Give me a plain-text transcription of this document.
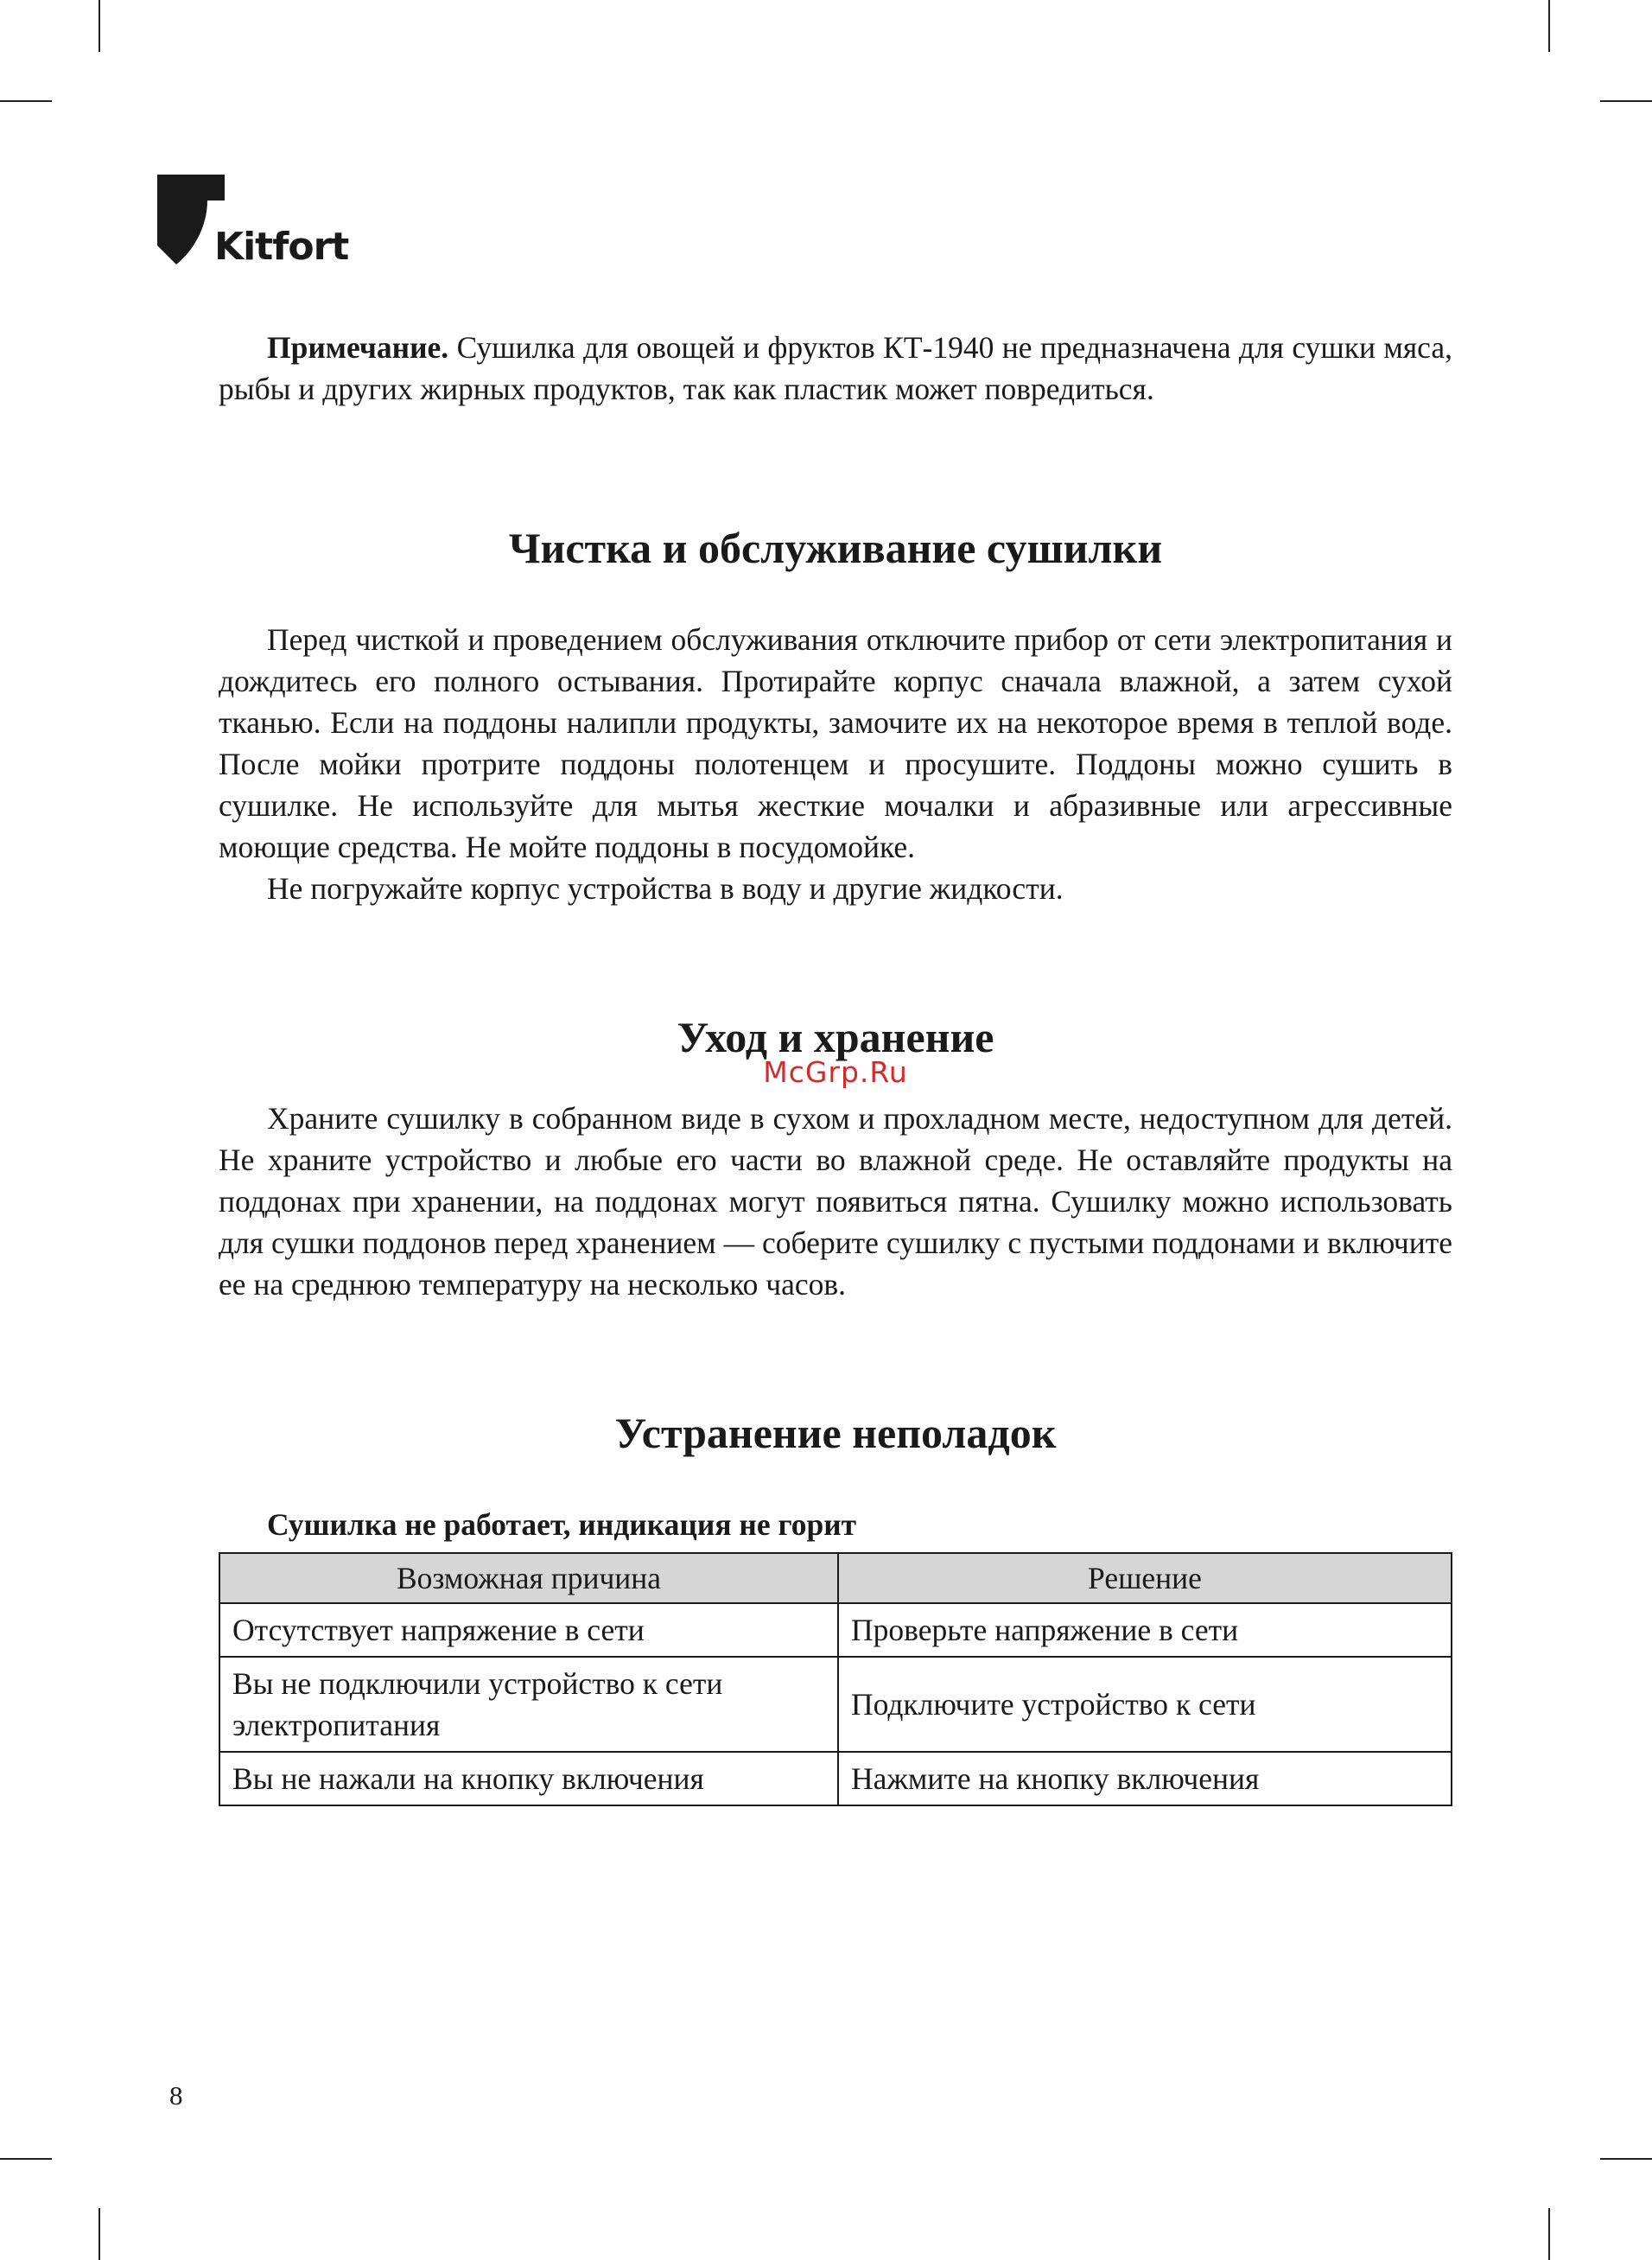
Kitfort

Примечание. Сушилка для овощей и фруктов КТ-1940 не предназначена для сушки мяса, рыбы и других жирных продуктов, так как пластик может повредиться.

Чистка и обслуживание сушилки

Перед чисткой и проведением обслуживания отключите прибор от сети электропитания и дождитесь его полного остывания. Протирайте корпус сначала влажной, а затем сухой тканью. Если на поддоны налипли продукты, замочите их на некоторое время в теплой воде. После мойки протрите поддоны полотенцем и просушите. Поддоны можно сушить в сушилке. Не используйте для мытья жесткие мочалки и абразивные или агрессивные моющие средства. Не мойте поддоны в посудомойке.

Не погружайте корпус устройства в воду и другие жидкости.

Уход и хранение
McGrp.Ru

Храните сушилку в собранном виде в сухом и прохладном месте, недоступном для детей. Не храните устройство и любые его части во влажной среде. Не оставляйте продукты на поддонах при хранении, на поддонах могут появиться пятна. Сушилку можно использовать для сушки поддонов перед хранением — соберите сушилку с пустыми поддонами и включите ее на среднюю температуру на несколько часов.

Устранение неполадок
Сушилка не работает, индикация не горит
Возможная причина	Решение
Отсутствует напряжение в сети	Проверьте напряжение в сети
Вы не подключили устройство к сети электропитания	Подключите устройство к сети
Вы не нажали на кнопку включения	Нажмите на кнопку включения
8
